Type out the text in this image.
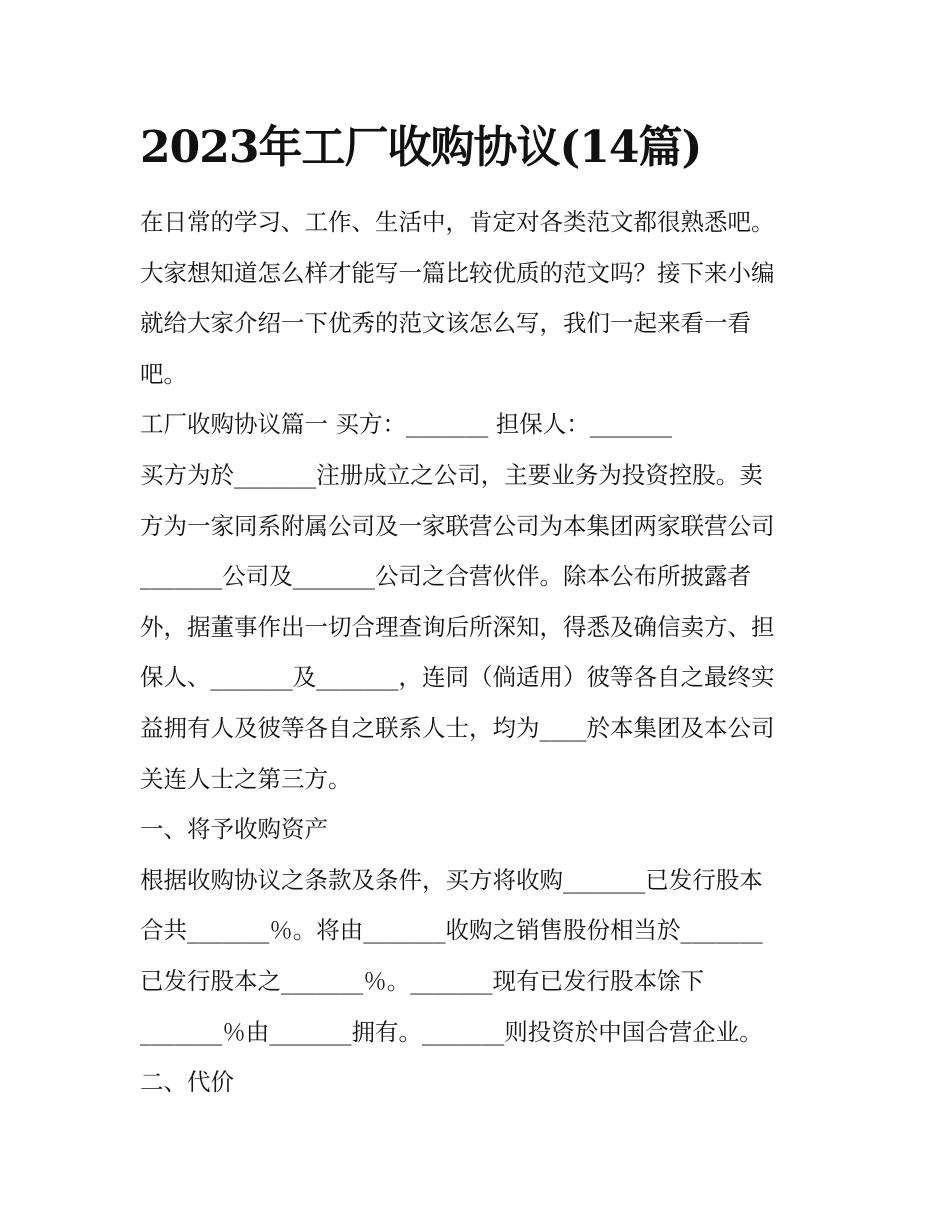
2023年工厂收购协议(14篇)
在日常的学习、工作、生活中，肯定对各类范文都很熟悉吧。
大家想知道怎么样才能写一篇比较优质的范文吗？接下来小编
就给大家介绍一下优秀的范文该怎么写，我们一起来看一看
吧。
工厂收购协议篇一 买方：_______ 担保人：_______
买方为於_______注册成立之公司，主要业务为投资控股。卖
方为一家同系附属公司及一家联营公司为本集团两家联营公司
_______公司及_______公司之合营伙伴。除本公布所披露者
外，据董事作出一切合理查询后所深知，得悉及确信卖方、担
保人、_______及_______，连同（倘适用）彼等各自之最终实
益拥有人及彼等各自之联系人士，均为____於本集团及本公司
关连人士之第三方。
一、将予收购资产
根据收购协议之条款及条件，买方将收购_______已发行股本
合共_______％。将由_______收购之销售股份相当於_______
已发行股本之_______％。_______现有已发行股本馀下
_______％由_______拥有。_______则投资於中国合营企业。
二、代价
